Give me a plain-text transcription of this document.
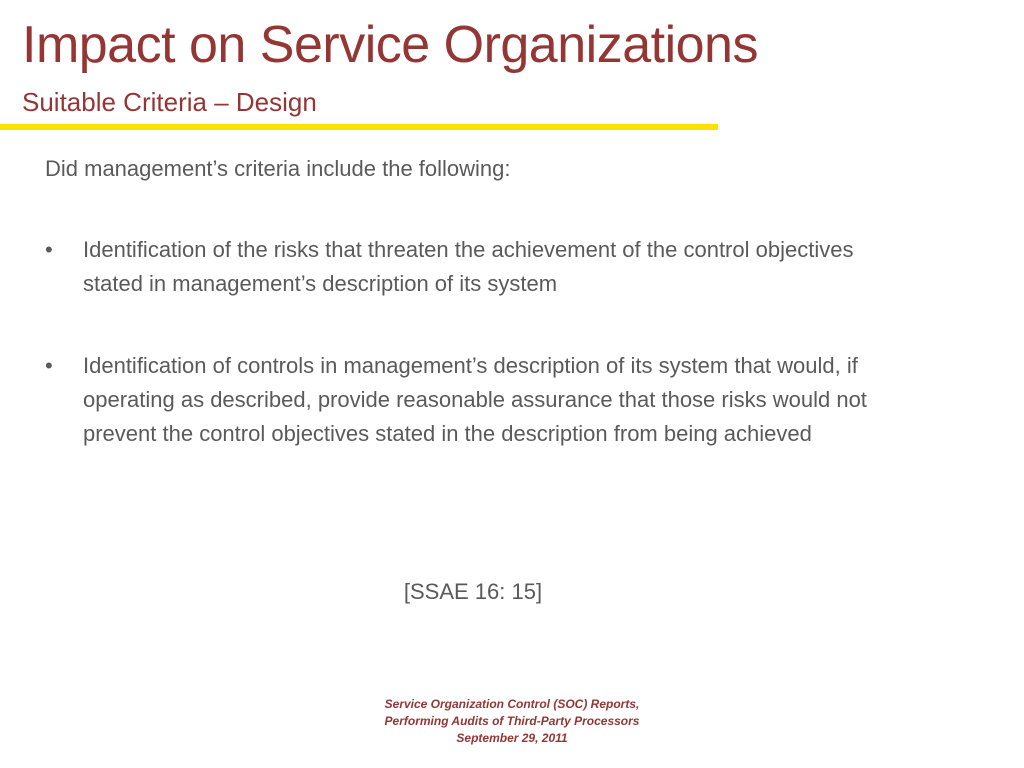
Impact on Service Organizations
Suitable Criteria – Design
Did management’s criteria include the following:
•	Identification of the risks that threaten the achievement of the control objectives stated in management’s description of its system
•	Identification of controls in management’s description of its system that would, if operating as described, provide reasonable assurance that those risks would not prevent the control objectives stated in the description from being achieved
[SSAE 16: 15]
Service Organization Control (SOC) Reports,
Performing Audits of Third-Party Processors
September 29, 2011
